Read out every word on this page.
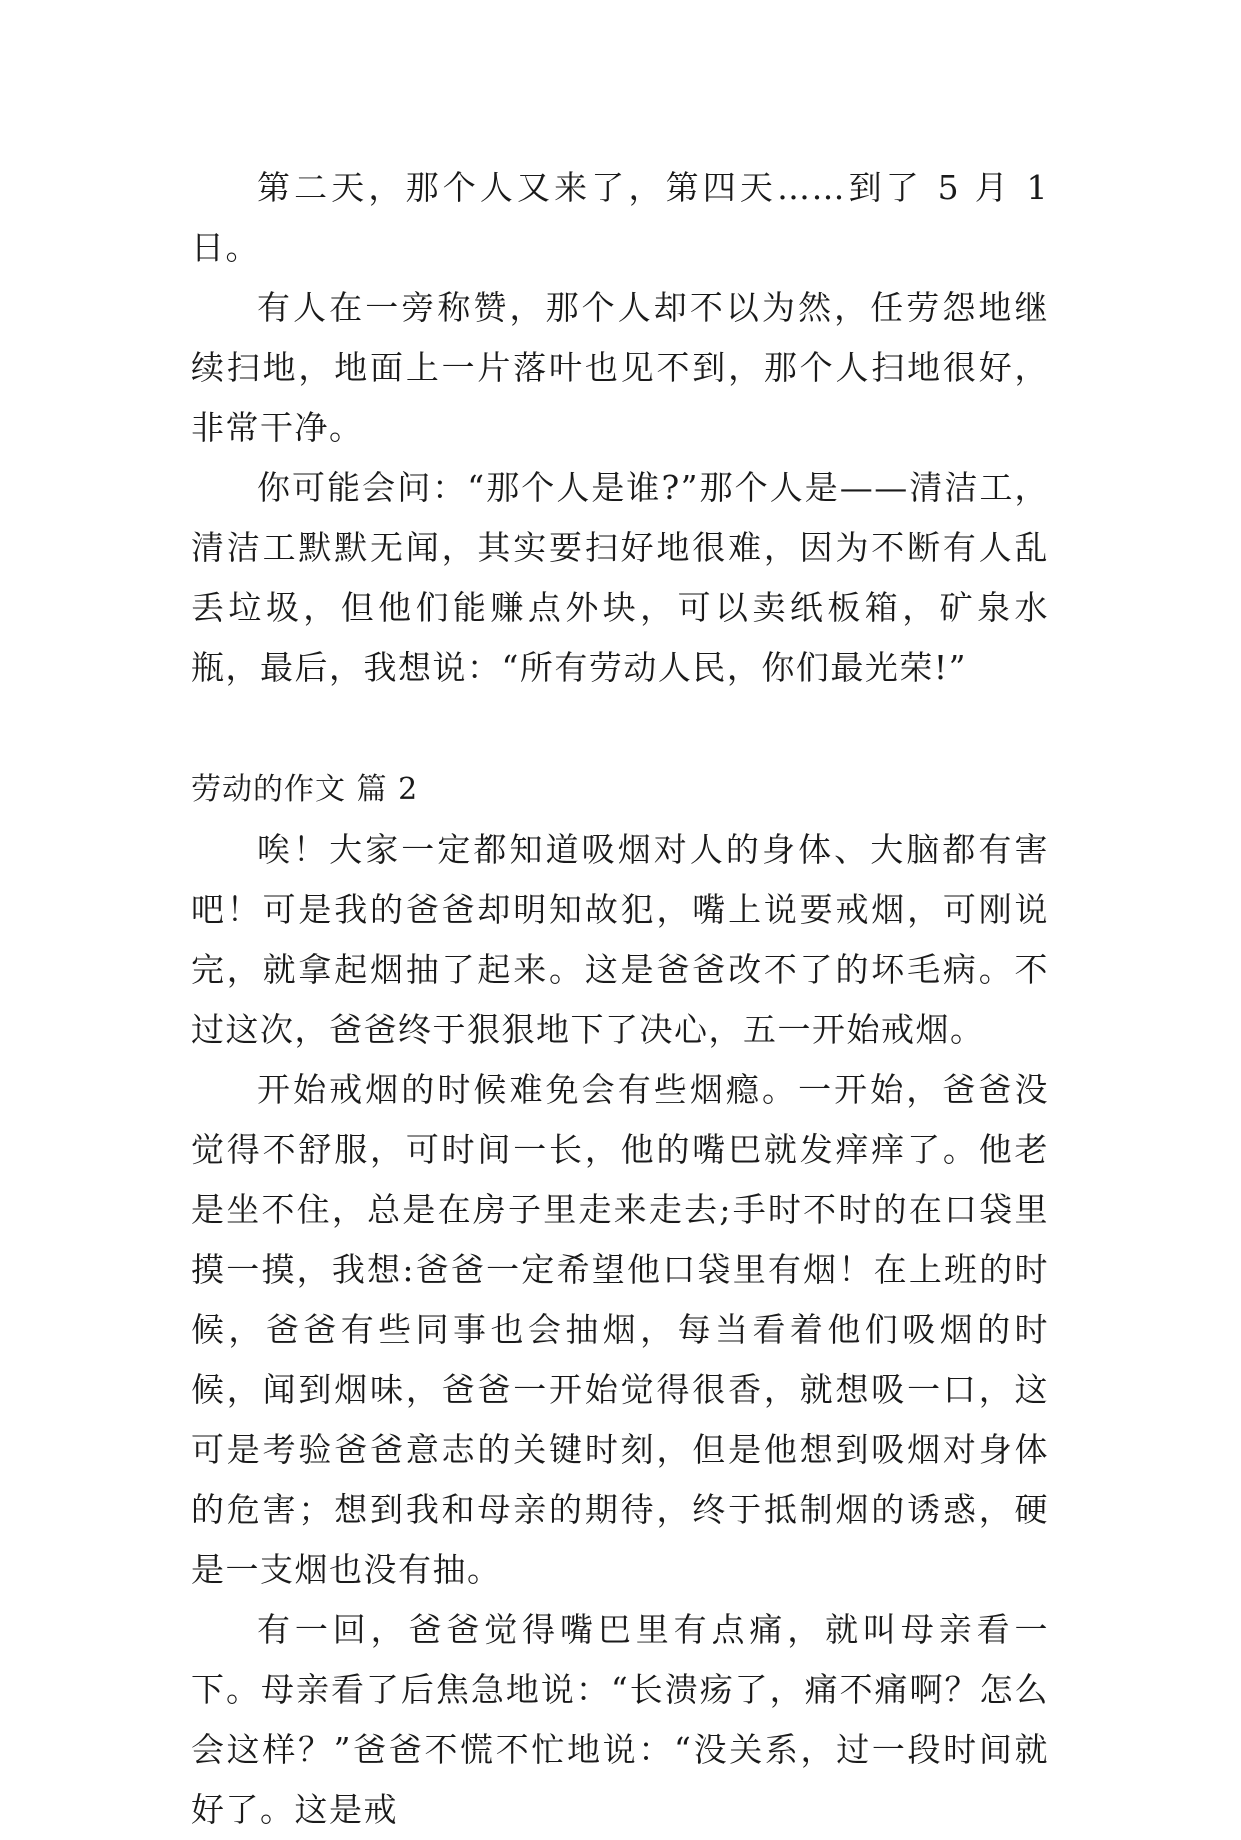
第二天，那个人又来了，第四天……到了 5 月 1 日。

有人在一旁称赞，那个人却不以为然，任劳怨地继续扫地，地面上一片落叶也见不到，那个人扫地很好，非常干净。

你可能会问：“那个人是谁?”那个人是——清洁工，清洁工默默无闻，其实要扫好地很难，因为不断有人乱丢垃圾，但他们能赚点外块，可以卖纸板箱，矿泉水瓶，最后，我想说：“所有劳动人民，你们最光荣!”

劳动的作文 篇 2

唉！大家一定都知道吸烟对人的身体、大脑都有害吧！可是我的爸爸却明知故犯，嘴上说要戒烟，可刚说完，就拿起烟抽了起来。这是爸爸改不了的坏毛病。不过这次，爸爸终于狠狠地下了决心，五一开始戒烟。

开始戒烟的时候难免会有些烟瘾。一开始，爸爸没觉得不舒服，可时间一长，他的嘴巴就发痒痒了。他老是坐不住，总是在房子里走来走去;手时不时的在口袋里摸一摸，我想:爸爸一定希望他口袋里有烟！在上班的时候，爸爸有些同事也会抽烟，每当看着他们吸烟的时候，闻到烟味，爸爸一开始觉得很香，就想吸一口，这可是考验爸爸意志的关键时刻，但是他想到吸烟对身体的危害；想到我和母亲的期待，终于抵制烟的诱惑，硬是一支烟也没有抽。

有一回，爸爸觉得嘴巴里有点痛，就叫母亲看一下。母亲看了后焦急地说：“长溃疡了，痛不痛啊？怎么会这样？”爸爸不慌不忙地说：“没关系，过一段时间就好了。这是戒
